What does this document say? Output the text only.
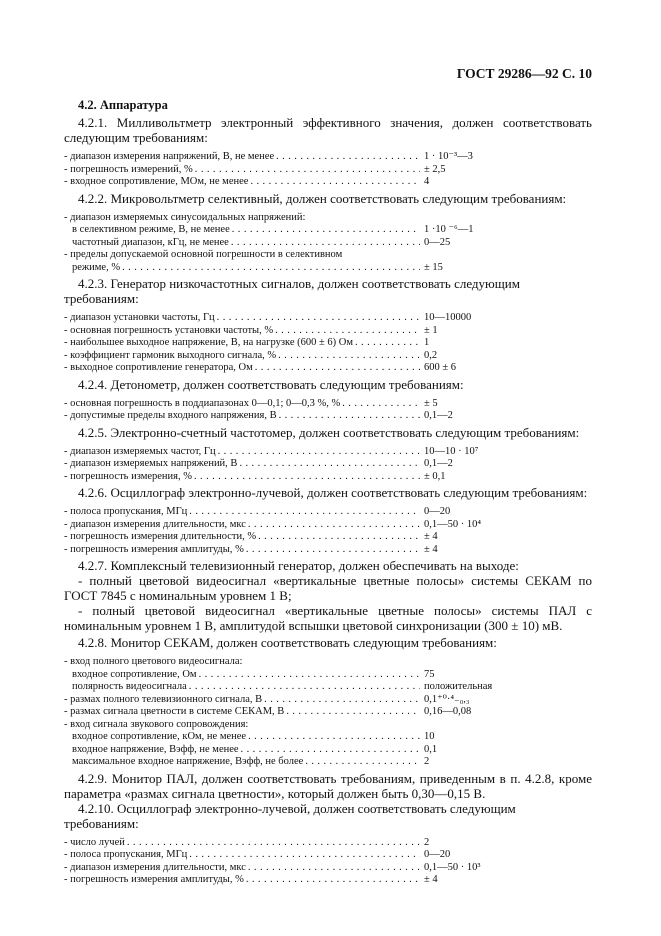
ГОСТ 29286—92 С. 10

4.2. Аппаратура

4.2.1. Милливольтметр электронный эффективного значения, должен соответствовать следующим требованиям:

- диапазон измерения напряжений, В, не менее . . .	1 · 10⁻³—3
- погрешность измерений, % . . .	± 2,5
- входное сопротивление, МОм, не менее . . .	4

4.2.2. Микровольтметр селективный, должен соответствовать следующим требованиям:

- диапазон измеряемых синусоидальных напряжений:
в селективном режиме, В, не менее . . .	1 ·10 ⁻⁶—1
частотный диапазон, кГц, не менее . . .	0—25
- пределы допускаемой основной погрешности в селективном
режиме, % . . .	± 15

4.2.3. Генератор низкочастотных сигналов, должен соответствовать следующим требованиям:

- диапазон установки частоты, Гц . . .	10—10000
- основная погрешность установки частоты, % . . .	± 1
- наибольшее выходное напряжение, В, на нагрузке (600 ± 6) Ом . . .	1
- коэффициент гармоник выходного сигнала, % . . .	0,2
- выходное сопротивление генератора, Ом . . .	600 ± 6

4.2.4. Детонометр, должен соответствовать следующим требованиям:

- основная погрешность в поддиапазонах 0—0,1; 0—0,3 %, % . . .	± 5
- допустимые пределы входного напряжения, В . . .	0,1—2

4.2.5. Электронно-счетный частотомер, должен соответствовать следующим требованиям:

- диапазон измеряемых частот, Гц . . .	10—10 · 10⁷
- диапазон измеряемых напряжений, В . . .	0,1—2
- погрешность измерения, % . . .	± 0,1

4.2.6. Осциллограф электронно-лучевой, должен соответствовать следующим требованиям:

- полоса пропускания, МГц . . .	0—20
- диапазон измерения длительности, мкс . . .	0,1—50 · 10⁴
- погрешность измерения длительности, % . . .	± 4
- погрешность измерения амплитуды, % . . .	± 4

4.2.7. Комплексный телевизионный генератор, должен обеспечивать на выходе:

- полный цветовой видеосигнал «вертикальные цветные полосы» системы СЕКАМ по ГОСТ 7845 с номинальным уровнем 1 В;

- полный цветовой видеосигнал «вертикальные цветные полосы» системы ПАЛ с номинальным уровнем 1 В, амплитудой вспышки цветовой синхронизации (300 ± 10) мВ.

4.2.8. Монитор СЕКАМ, должен соответствовать следующим требованиям:

- вход полного цветового видеосигнала:
входное сопротивление, Ом . . .	75
полярность видеосигнала . . .	положительная
- размах полного телевизионного сигнала, В . . .	0,1⁺⁰·⁴₋₀,₃
- размах сигнала цветности в системе СЕКАМ, В . . .	0,16—0,08
- вход сигнала звукового сопровождения:
входное сопротивление, кОм, не менее . . .	10
входное напряжение, Вэфф, не менее . . .	0,1
максимальное входное напряжение, Вэфф, не более . . .	2

4.2.9. Монитор ПАЛ, должен соответствовать требованиям, приведенным в п. 4.2.8, кроме параметра «размах сигнала цветности», который должен быть 0,30—0,15 В.

4.2.10. Осциллограф электронно-лучевой, должен соответствовать следующим требованиям:

- число лучей . . .	2
- полоса пропускания, МГц . . .	0—20
- диапазон измерения длительности, мкс . . .	0,1—50 · 10³
- погрешность измерения амплитуды, % . . .	± 4
